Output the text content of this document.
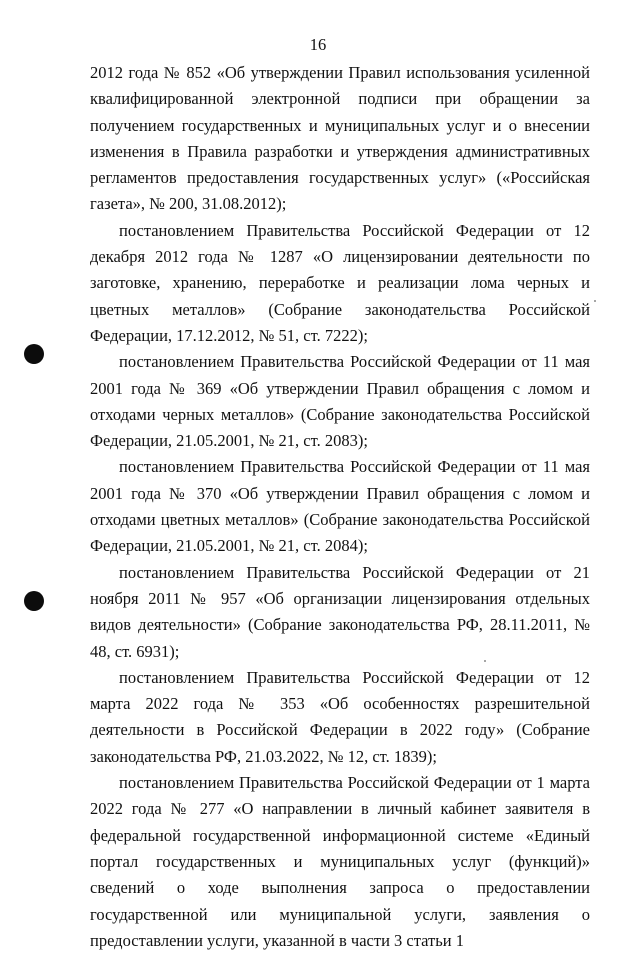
16

2012 года № 852 «Об утверждении Правил использования усиленной квалифицированной электронной подписи при обращении за получением государственных и муниципальных услуг и о внесении изменения в Правила разработки и утверждения административных регламентов предоставления государственных услуг» («Российская газета», № 200, 31.08.2012);

постановлением Правительства Российской Федерации от 12 декабря 2012 года № 1287 «О лицензировании деятельности по заготовке, хранению, переработке и реализации лома черных и цветных металлов» (Собрание законодательства Российской Федерации, 17.12.2012, № 51, ст. 7222);

постановлением Правительства Российской Федерации от 11 мая 2001 года № 369 «Об утверждении Правил обращения с ломом и отходами черных металлов» (Собрание законодательства Российской Федерации, 21.05.2001, № 21, ст. 2083);

постановлением Правительства Российской Федерации от 11 мая 2001 года № 370 «Об утверждении Правил обращения с ломом и отходами цветных металлов» (Собрание законодательства Российской Федерации, 21.05.2001, № 21, ст. 2084);

постановлением Правительства Российской Федерации от 21 ноября 2011 № 957 «Об организации лицензирования отдельных видов деятельности» (Собрание законодательства РФ, 28.11.2011, № 48, ст. 6931);

постановлением Правительства Российской Федерации от 12 марта 2022 года № 353 «Об особенностях разрешительной деятельности в Российской Федерации в 2022 году» (Собрание законодательства РФ, 21.03.2022, № 12, ст. 1839);

постановлением Правительства Российской Федерации от 1 марта 2022 года № 277 «О направлении в личный кабинет заявителя в федеральной государственной информационной системе «Единый портал государственных и муниципальных услуг (функций)» сведений о ходе выполнения запроса о предоставлении государственной или муниципальной услуги, заявления о предоставлении услуги, указанной в части 3 статьи 1
